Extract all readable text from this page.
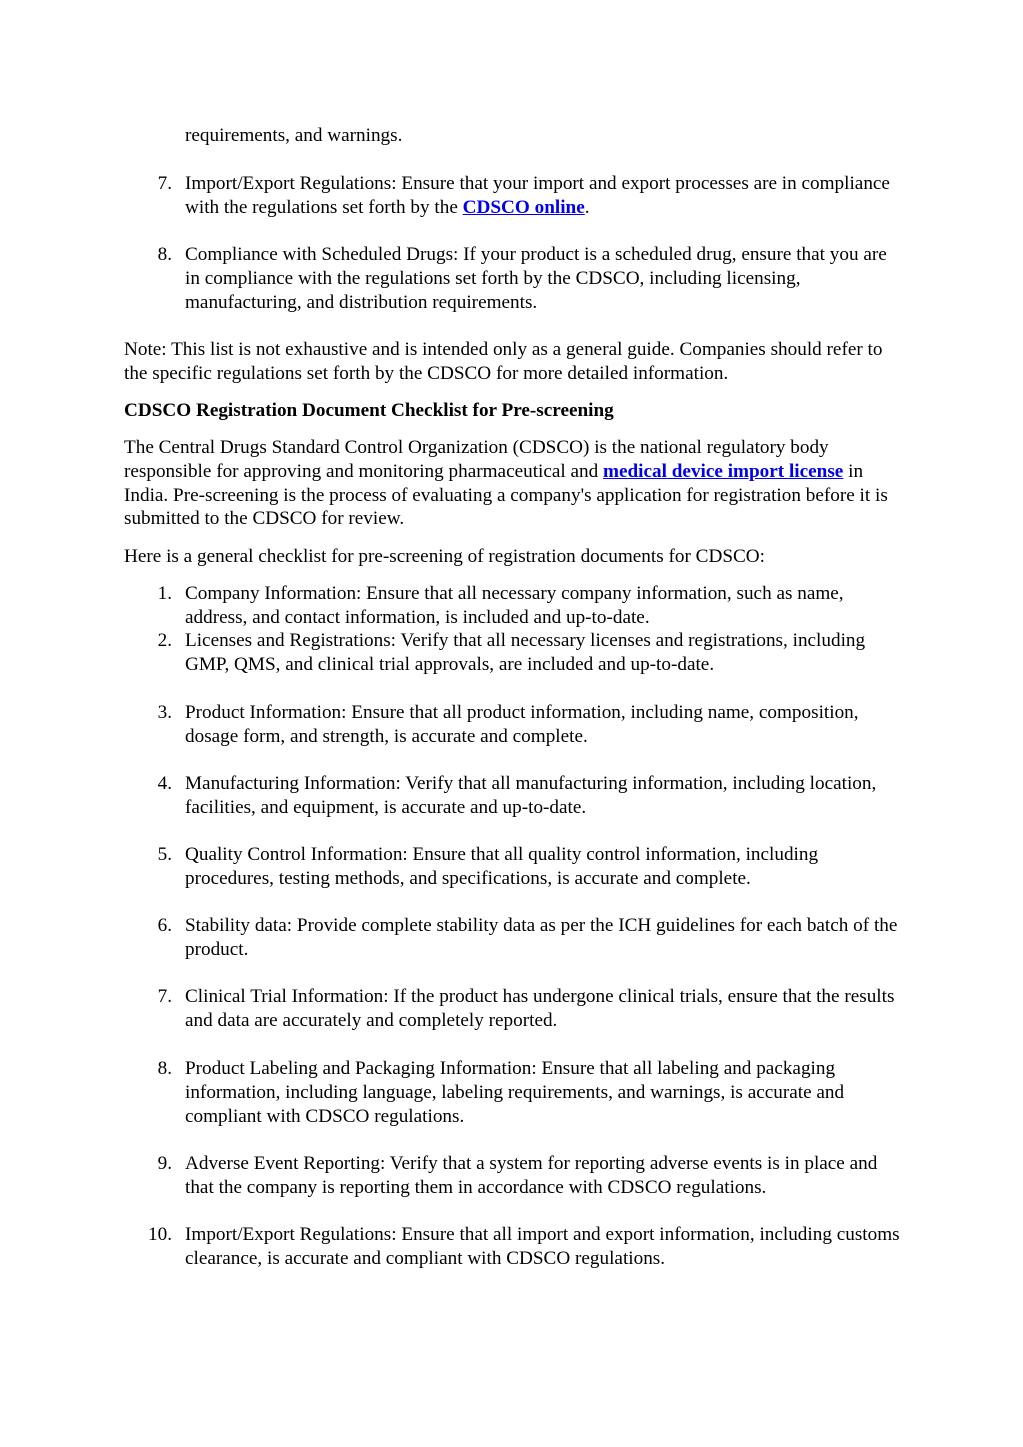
requirements, and warnings.
7. Import/Export Regulations: Ensure that your import and export processes are in compliance with the regulations set forth by the CDSCO online.
8. Compliance with Scheduled Drugs: If your product is a scheduled drug, ensure that you are in compliance with the regulations set forth by the CDSCO, including licensing, manufacturing, and distribution requirements.
Note: This list is not exhaustive and is intended only as a general guide. Companies should refer to the specific regulations set forth by the CDSCO for more detailed information.
CDSCO Registration Document Checklist for Pre-screening
The Central Drugs Standard Control Organization (CDSCO) is the national regulatory body responsible for approving and monitoring pharmaceutical and medical device import license in India. Pre-screening is the process of evaluating a company's application for registration before it is submitted to the CDSCO for review.
Here is a general checklist for pre-screening of registration documents for CDSCO:
1. Company Information: Ensure that all necessary company information, such as name, address, and contact information, is included and up-to-date.
2. Licenses and Registrations: Verify that all necessary licenses and registrations, including GMP, QMS, and clinical trial approvals, are included and up-to-date.
3. Product Information: Ensure that all product information, including name, composition, dosage form, and strength, is accurate and complete.
4. Manufacturing Information: Verify that all manufacturing information, including location, facilities, and equipment, is accurate and up-to-date.
5. Quality Control Information: Ensure that all quality control information, including procedures, testing methods, and specifications, is accurate and complete.
6. Stability data: Provide complete stability data as per the ICH guidelines for each batch of the product.
7. Clinical Trial Information: If the product has undergone clinical trials, ensure that the results and data are accurately and completely reported.
8. Product Labeling and Packaging Information: Ensure that all labeling and packaging information, including language, labeling requirements, and warnings, is accurate and compliant with CDSCO regulations.
9. Adverse Event Reporting: Verify that a system for reporting adverse events is in place and that the company is reporting them in accordance with CDSCO regulations.
10. Import/Export Regulations: Ensure that all import and export information, including customs clearance, is accurate and compliant with CDSCO regulations.
